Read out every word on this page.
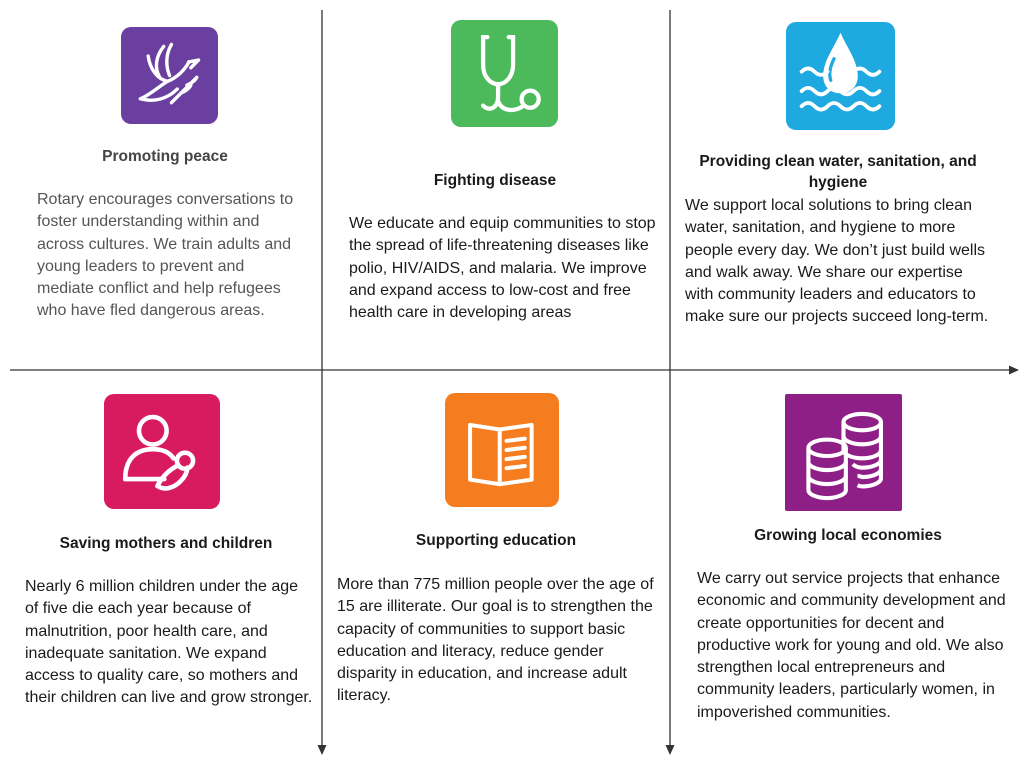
Promoting peace
Rotary encourages conversations to foster understanding within and across cultures. We train adults and young leaders to prevent and mediate conflict and help refugees who have fled dangerous areas.
Fighting disease
We educate and equip communities to stop the spread of life-threatening diseases like polio, HIV/AIDS, and malaria. We improve and expand access to low-cost and free health care in developing areas
Providing clean water, sanitation, and hygiene
We support local solutions to bring clean water, sanitation, and hygiene to more people every day. We don’t just build wells and walk away. We share our expertise with community leaders and educators to make sure our projects succeed long-term.
Saving mothers and children
Nearly 6 million children under the age of five die each year because of malnutrition, poor health care, and inadequate sanitation. We expand access to quality care, so mothers and their children can live and grow stronger.
Supporting education
More than 775 million people over the age of 15 are illiterate. Our goal is to strengthen the capacity of communities to support basic education and literacy, reduce gender disparity in education, and increase adult literacy.
Growing local economies
We carry out service projects that enhance economic and community development and create opportunities for decent and productive work for young and old. We also strengthen local entrepreneurs and community leaders, particularly women, in impoverished communities.
